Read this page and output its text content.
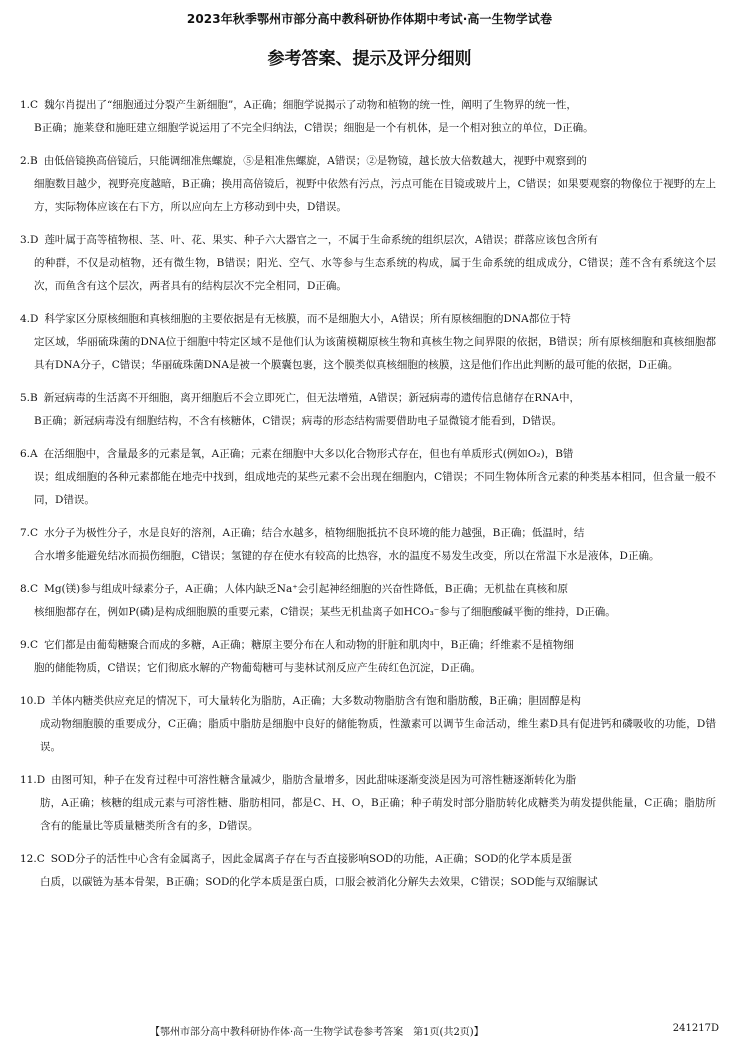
2023年秋季鄂州市部分高中教科研协作体期中考试·高一生物学试卷
参考答案、提示及评分细则
1.C 魏尔肖提出了“细胞通过分裂产生新细胞”，A正确；细胞学说揭示了动物和植物的统一性，阐明了生物界的统一性，
B正确；施莱登和施旺建立细胞学说运用了不完全归纳法，C错误；细胞是一个有机体，是一个相对独立的单位，D正确。
2.B 由低倍镜换高倍镜后，只能调细准焦螺旋，⑤是粗准焦螺旋，A错误；②是物镜，越长放大倍数越大，视野中观察到的
细胞数目越少，视野亮度越暗，B正确；换用高倍镜后，视野中依然有污点，污点可能在目镜或玻片上，C错误；如果要观察的物像位于视野的左上方，实际物体应该在右下方，所以应向左上方移动到中央，D错误。
3.D 莲叶属于高等植物根、茎、叶、花、果实、种子六大器官之一，不属于生命系统的组织层次，A错误；群落应该包含所有
的种群，不仅是动植物，还有微生物，B错误；阳光、空气、水等参与生态系统的构成，属于生命系统的组成成分，C错误；莲不含有系统这个层次，而鱼含有这个层次，两者具有的结构层次不完全相同，D正确。
4.D 科学家区分原核细胞和真核细胞的主要依据是有无核膜，而不是细胞大小，A错误；所有原核细胞的DNA都位于特
定区域，华丽硫珠菌的DNA位于细胞中特定区域不是他们认为该菌模糊原核生物和真核生物之间界限的依据，B错误；所有原核细胞和真核细胞都具有DNA分子，C错误；华丽硫珠菌DNA是被一个膜囊包裹，这个膜类似真核细胞的核膜，这是他们作出此判断的最可能的依据，D正确。
5.B 新冠病毒的生活离不开细胞，离开细胞后不会立即死亡，但无法增殖，A错误；新冠病毒的遗传信息储存在RNA中，
B正确；新冠病毒没有细胞结构，不含有核糖体，C错误；病毒的形态结构需要借助电子显微镜才能看到，D错误。
6.A 在活细胞中，含量最多的元素是氧，A正确；元素在细胞中大多以化合物形式存在，但也有单质形式(例如O₂)，B错
误；组成细胞的各种元素都能在地壳中找到，组成地壳的某些元素不会出现在细胞内，C错误；不同生物体所含元素的种类基本相同，但含量一般不同，D错误。
7.C 水分子为极性分子，水是良好的溶剂，A正确；结合水越多，植物细胞抵抗不良环境的能力越强，B正确；低温时，结
合水增多能避免结冰而损伤细胞，C错误；氢键的存在使水有较高的比热容，水的温度不易发生改变，所以在常温下水是液体，D正确。
8.C Mg(镁)参与组成叶绿素分子，A正确；人体内缺乏Na⁺会引起神经细胞的兴奋性降低，B正确；无机盐在真核和原
核细胞都存在，例如P(磷)是构成细胞膜的重要元素，C错误；某些无机盐离子如HCO₃⁻参与了细胞酸碱平衡的维持，D正确。
9.C 它们都是由葡萄糖聚合而成的多糖，A正确；糖原主要分布在人和动物的肝脏和肌肉中，B正确；纤维素不是植物细
胞的储能物质，C错误；它们彻底水解的产物葡萄糖可与斐林试剂反应产生砖红色沉淀，D正确。
10.D 羊体内糖类供应充足的情况下，可大量转化为脂肪，A正确；大多数动物脂肪含有饱和脂肪酸，B正确；胆固醇是构
成动物细胞膜的重要成分，C正确；脂质中脂肪是细胞中良好的储能物质，性激素可以调节生命活动，维生素D具有促进钙和磷吸收的功能，D错误。
11.D 由图可知，种子在发育过程中可溶性糖含量减少，脂肪含量增多，因此甜味逐渐变淡是因为可溶性糖逐渐转化为脂
肪，A正确；核糖的组成元素与可溶性糖、脂肪相同，都是C、H、O，B正确；种子萌发时部分脂肪转化成糖类为萌发提供能量，C正确；脂肪所含有的能量比等质量糖类所含有的多，D错误。
12.C SOD分子的活性中心含有金属离子，因此金属离子存在与否直接影响SOD的功能，A正确；SOD的化学本质是蛋
白质，以碳链为基本骨架，B正确；SOD的化学本质是蛋白质，口服会被消化分解失去效果，C错误；SOD能与双缩脲试
【鄂州市部分高中教科研协作体·高一生物学试卷参考答案　第1页(共2页)】	241217D
